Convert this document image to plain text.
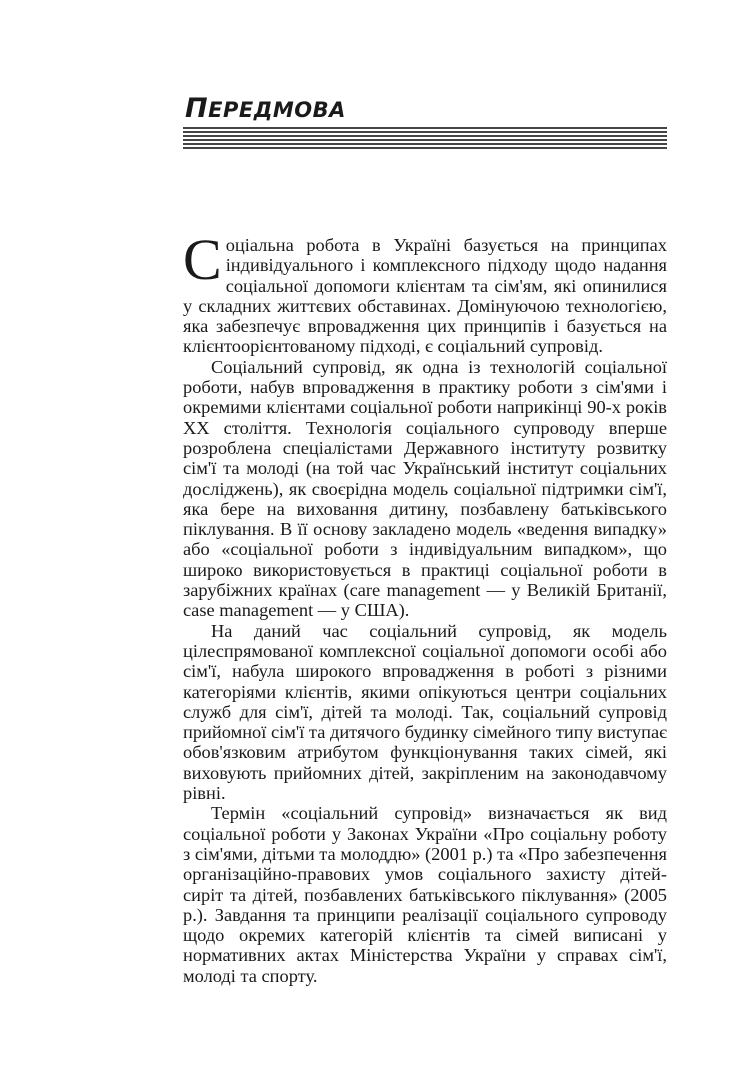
ПЕРЕДМОВА

Соціальна робота в Україні базується на принципах індивідуального і комплексного підходу щодо надання соціальної допомоги клієнтам та сім'ям, які опинилися у складних життєвих обставинах. Домінуючою технологією, яка забезпечує впровадження цих принципів і базується на клієнтоорієнтованому підході, є соціальний супровід.

Соціальний супровід, як одна із технологій соціальної роботи, набув впровадження в практику роботи з сім'ями і окремими клієнтами соціальної роботи наприкінці 90-х років XX століття. Технологія соціального супроводу вперше розроблена спеціалістами Державного інституту розвитку сім'ї та молоді (на той час Український інститут соціальних досліджень), як своєрідна модель соціальної підтримки сім'ї, яка бере на виховання дитину, позбавлену батьківського піклування. В її основу закладено модель «ведення випадку» або «соціальної роботи з індивідуальним випадком», що широко використовується в практиці соціальної роботи в зарубіжних країнах (care management — у Великій Британії, case management — у США).

На даний час соціальний супровід, як модель цілеспрямованої комплексної соціальної допомоги особі або сім'ї, набула широкого впровадження в роботі з різними категоріями клієнтів, якими опікуються центри соціальних служб для сім'ї, дітей та молоді. Так, соціальний супровід прийомної сім'ї та дитячого будинку сімейного типу виступає обов'язковим атрибутом функціонування таких сімей, які виховують прийомних дітей, закріпленим на законодавчому рівні.

Термін «соціальний супровід» визначається як вид соціальної роботи у Законах України «Про соціальну роботу з сім'ями, дітьми та молоддю» (2001 р.) та «Про забезпечення організаційно-правових умов соціального захисту дітей-сиріт та дітей, позбавлених батьківського піклування» (2005 р.). Завдання та принципи реалізації соціального супроводу щодо окремих категорій клієнтів та сімей виписані у нормативних актах Міністерства України у справах сім'ї, молоді та спорту.
